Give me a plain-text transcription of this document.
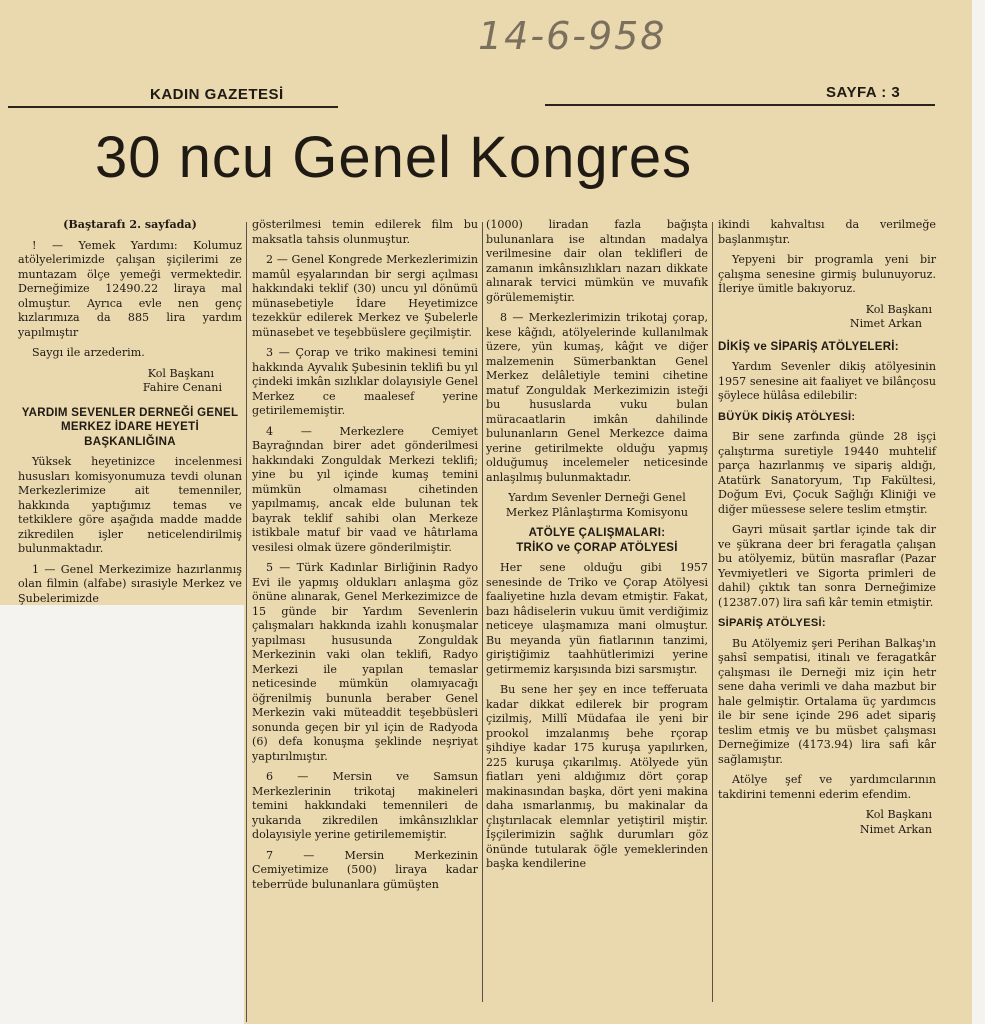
14-6-958
KADIN GAZETESİ	SAYFA : 3
30 ncu Genel Kongres

(Baştarafı 2. sayfada)

! — Yemek Yardımı: Kolumuz atölyelerimizde çalışan şiçilerimi ze muntazam ölçe yemeği vermektedir. Derneğimize 12490.22 liraya mal olmuştur. Ayrıca evle nen genç kızlarımıza da 885 lira yardım yapılmıştır

Saygı ile arzederim.

Kol Başkanı

Fahire Cenani

YARDIM SEVENLER DERNEĞİ GENEL MERKEZ İDARE HEYETİ BAŞKANLIĞINA

Yüksek heyetinizce incelenmesi hususları komisyonumuza tevdi olunan Merkezlerimize ait temenniler, hakkında yaptığımız temas ve tetkiklere göre aşağıda madde madde zikredilen işler neticelendirilmiş bulunmaktadır.

1 — Genel Merkezimize hazırlanmış olan filmin (alfabe) sırasiyle Merkez ve Şubelerimizde

gösterilmesi temin edilerek film bu maksatla tahsis olunmuştur.

2 — Genel Kongrede Merkezlerimizin mamûl eşyalarından bir sergi açılması hakkındaki teklif (30) uncu yıl dönümü münasebetiyle İdare Heyetimizce tezekkür edilerek Merkez ve Şubelerle münasebet ve teşebbüslere geçilmiştir.

3 — Çorap ve triko makinesi temini hakkında Ayvalık Şubesinin teklifi bu yıl çindeki imkân sızlıklar dolayısiyle Genel Merkez ce maalesef yerine getirilememiştir.

4 — Merkezlere Cemiyet Bayrağından birer adet gönderilmesi hakkındaki Zonguldak Merkezi teklifi; yine bu yıl içinde kumaş temini mümkün olmaması cihetinden yapılmamış, ancak elde bulunan tek bayrak teklif sahibi olan Merkeze istikbale matuf bir vaad ve hâtırlama vesilesi olmak üzere gönderilmiştir.

5 — Türk Kadınlar Birliğinin Radyo Evi ile yapmış oldukları anlaşma göz önüne alınarak, Genel Merkezimizce de 15 günde bir Yardım Sevenlerin çalışmaları hakkında izahlı konuşmalar yapılması hususunda Zonguldak Merkezinin vaki olan teklifi, Radyo Merkezi ile yapılan temaslar neticesinde mümkün olamıyacağı öğrenilmiş bununla beraber Genel Merkezin vaki müteaddit teşebbüsleri sonunda geçen bir yıl için de Radyoda (6) defa konuşma şeklinde neşriyat yaptırılmıştır.

6 — Mersin ve Samsun Merkezlerinin trikotaj makineleri temini hakkındaki temennileri de yukarıda zikredilen imkânsızlıklar dolayısiyle yerine getirilememiştir.

7 — Mersin Merkezinin Cemiyetimize (500) liraya kadar teberrüde bulunanlara gümüşten

(1000) liradan fazla bağışta bulunanlara ise altından madalya verilmesine dair olan teklifleri de zamanın imkânsızlıkları nazarı dikkate alınarak tervici mümkün ve muvafık görülememiştir.

8 — Merkezlerimizin trikotaj çorap, kese kâğıdı, atölyelerinde kullanılmak üzere, yün kumaş, kâğıt ve diğer malzemenin Sümerbanktan Genel Merkez delâletiyle temini cihetine matuf Zonguldak Merkezimizin isteği bu hususlarda vuku bulan müracaatlarin imkân dahilinde bulunanların Genel Merkezce daima yerine getirilmekte olduğu yapmış olduğumuş incelemeler neticesinde anlaşılmış bulunmaktadır.

Yardım Sevenler Derneği Genel Merkez Plânlaştırma Komisyonu

ATÖLYE ÇALIŞMALARI:

TRİKO ve ÇORAP ATÖLYESİ

Her sene olduğu gibi 1957 senesinde de Triko ve Çorap Atölyesi faaliyetine hızla devam etmiştir. Fakat, bazı hâdiselerin vukuu ümit verdiğimiz neticeye ulaşmamıza mani olmuştur. Bu meyanda yün fiatlarının tanzimi, giriştiğimiz taahhütlerimizi yerine getirmemiz karşısında bizi sarsmıştır.

Bu sene her şey en ince tefferuata kadar dikkat edilerek bir program çizilmiş, Millî Müdafaa ile yeni bir prookol imzalanmış behe rçorap şihdiye kadar 175 kuruşa yapılırken, 225 kuruşa çıkarılmış. Atölyede yün fiatları yeni aldığımız dört çorap makinasından başka, dört yeni makina daha ısmarlanmış, bu makinalar da çlıştırılacak elemnlar yetiştiril miştir. İşçilerimizin sağlık durumları göz önünde tutularak öğle yemeklerinden başka kendilerine

ikindi kahvaltısı da verilmeğe başlanmıştır.

Yepyeni bir programla yeni bir çalışma senesine girmiş bulunuyoruz. İleriye ümitle bakıyoruz.

Kol Başkanı

Nimet Arkan

DİKİŞ ve SİPARİŞ ATÖLYELERİ:

Yardım Sevenler dikiş atölyesinin 1957 senesine ait faaliyet ve bilânçosu şöylece hülâsa edilebilir:

BÜYÜK DİKİŞ ATÖLYESİ:

Bir sene zarfında günde 28 işçi çalıştırma suretiyle 19440 muhtelif parça hazırlanmış ve sipariş aldığı, Atatürk Sanatoryum, Tıp Fakültesi, Doğum Evi, Çocuk Sağlığı Kliniği ve diğer müessese selere teslim etmştir.

Gayri müsait şartlar içinde tak dir ve şükrana deer bri feragatla çalışan bu atölyemiz, bütün masraflar (Pazar Yevmiyetleri ve Sigorta primleri de dahil) çıktık tan sonra Derneğimize (12387.07) lira safi kâr temin etmiştir.

SİPARİŞ ATÖLYESİ:

Bu Atölyemiz şeri Perihan Balkaş'ın şahsî sempatisi, itinalı ve feragatkâr çalışması ile Derneği miz için hetr sene daha verimli ve daha mazbut bir hale gelmiştir. Ortalama üç yardımcıs ile bir sene içinde 296 adet sipariş teslim etmiş ve bu müsbet çalışması Derneğimize (4173.94) lira safi kâr sağlamıştır.

Atölye şef ve yardımcılarının takdirini temenni ederim efendim.

Kol Başkanı

Nimet Arkan
